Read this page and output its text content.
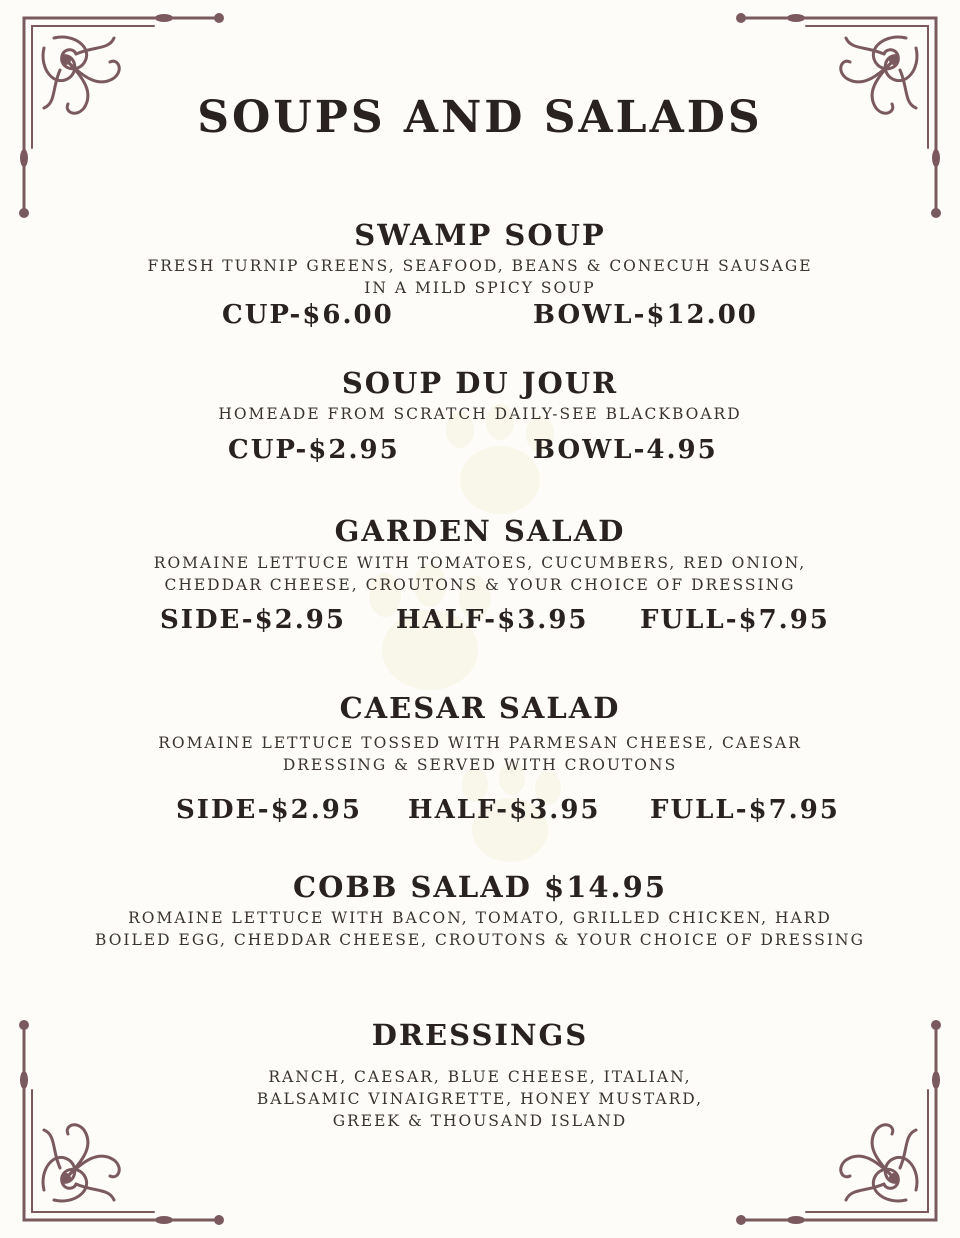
SOUPS AND SALADS
SWAMP SOUP
FRESH TURNIP GREENS, SEAFOOD, BEANS & CONECUH SAUSAGE
IN A MILD SPICY SOUP
CUP-$6.00	BOWL-$12.00
SOUP DU JOUR
HOMEADE FROM SCRATCH DAILY-SEE BLACKBOARD
CUP-$2.95	BOWL-4.95
GARDEN SALAD
ROMAINE LETTUCE WITH TOMATOES, CUCUMBERS, RED ONION,
CHEDDAR CHEESE, CROUTONS & YOUR CHOICE OF DRESSING
SIDE-$2.95 HALF-$3.95 FULL-$7.95
CAESAR SALAD
ROMAINE LETTUCE TOSSED WITH PARMESAN CHEESE, CAESAR
DRESSING & SERVED WITH CROUTONS
SIDE-$2.95 HALF-$3.95 FULL-$7.95
COBB SALAD $14.95
ROMAINE LETTUCE WITH BACON, TOMATO, GRILLED CHICKEN, HARD
BOILED EGG, CHEDDAR CHEESE, CROUTONS & YOUR CHOICE OF DRESSING
DRESSINGS
RANCH, CAESAR, BLUE CHEESE, ITALIAN,
BALSAMIC VINAIGRETTE, HONEY MUSTARD,
GREEK & THOUSAND ISLAND
